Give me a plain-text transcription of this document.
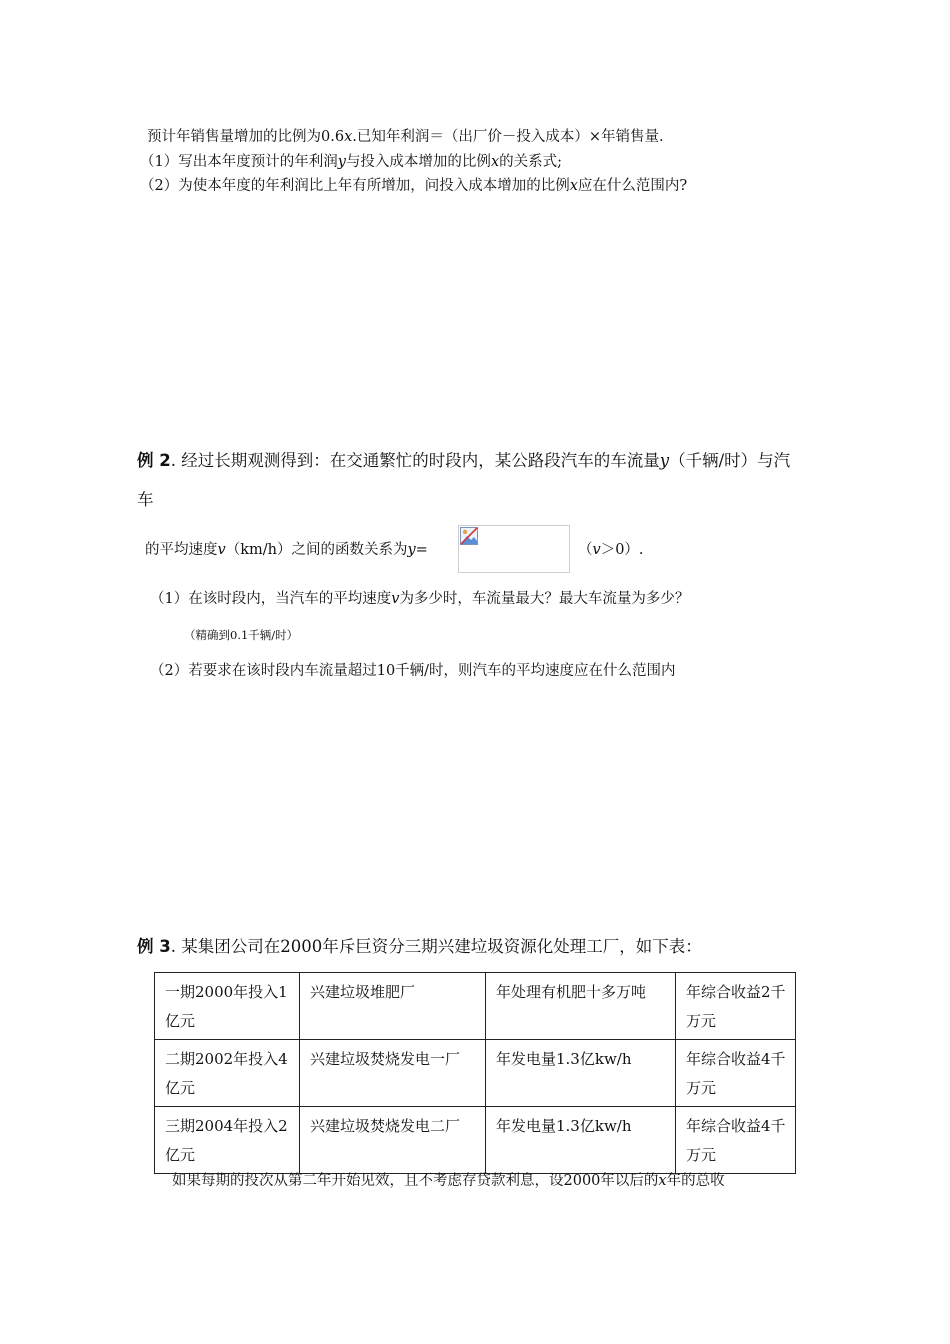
预计年销售量增加的比例为0.6x.已知年利润＝（出厂价－投入成本）×年销售量.
（1）写出本年度预计的年利润y与投入成本增加的比例x的关系式;
（2）为使本年度的年利润比上年有所增加，问投入成本增加的比例x应在什么范围内?
例 2. 经过长期观测得到：在交通繁忙的时段内，某公路段汽车的车流量y（千辆/时）与汽
车
的平均速度v（km/h）之间的函数关系为y=	（v＞0）.
（1）在该时段内，当汽车的平均速度v为多少时，车流量最大？最大车流量为多少？
（精确到0.1千辆/时）
（2）若要求在该时段内车流量超过10千辆/时，则汽车的平均速度应在什么范围内
例 3. 某集团公司在2000年斥巨资分三期兴建垃圾资源化处理工厂，如下表：
一期2000年投入1亿元	兴建垃圾堆肥厂	年处理有机肥十多万吨	年综合收益2千万元
二期2002年投入4亿元	兴建垃圾焚烧发电一厂	年发电量1.3亿kw/h	年综合收益4千万元
三期2004年投入2亿元	兴建垃圾焚烧发电二厂	年发电量1.3亿kw/h	年综合收益4千万元
如果每期的投次从第二年开始见效，且不考虑存贷款利息，设2000年以后的x年的总收
